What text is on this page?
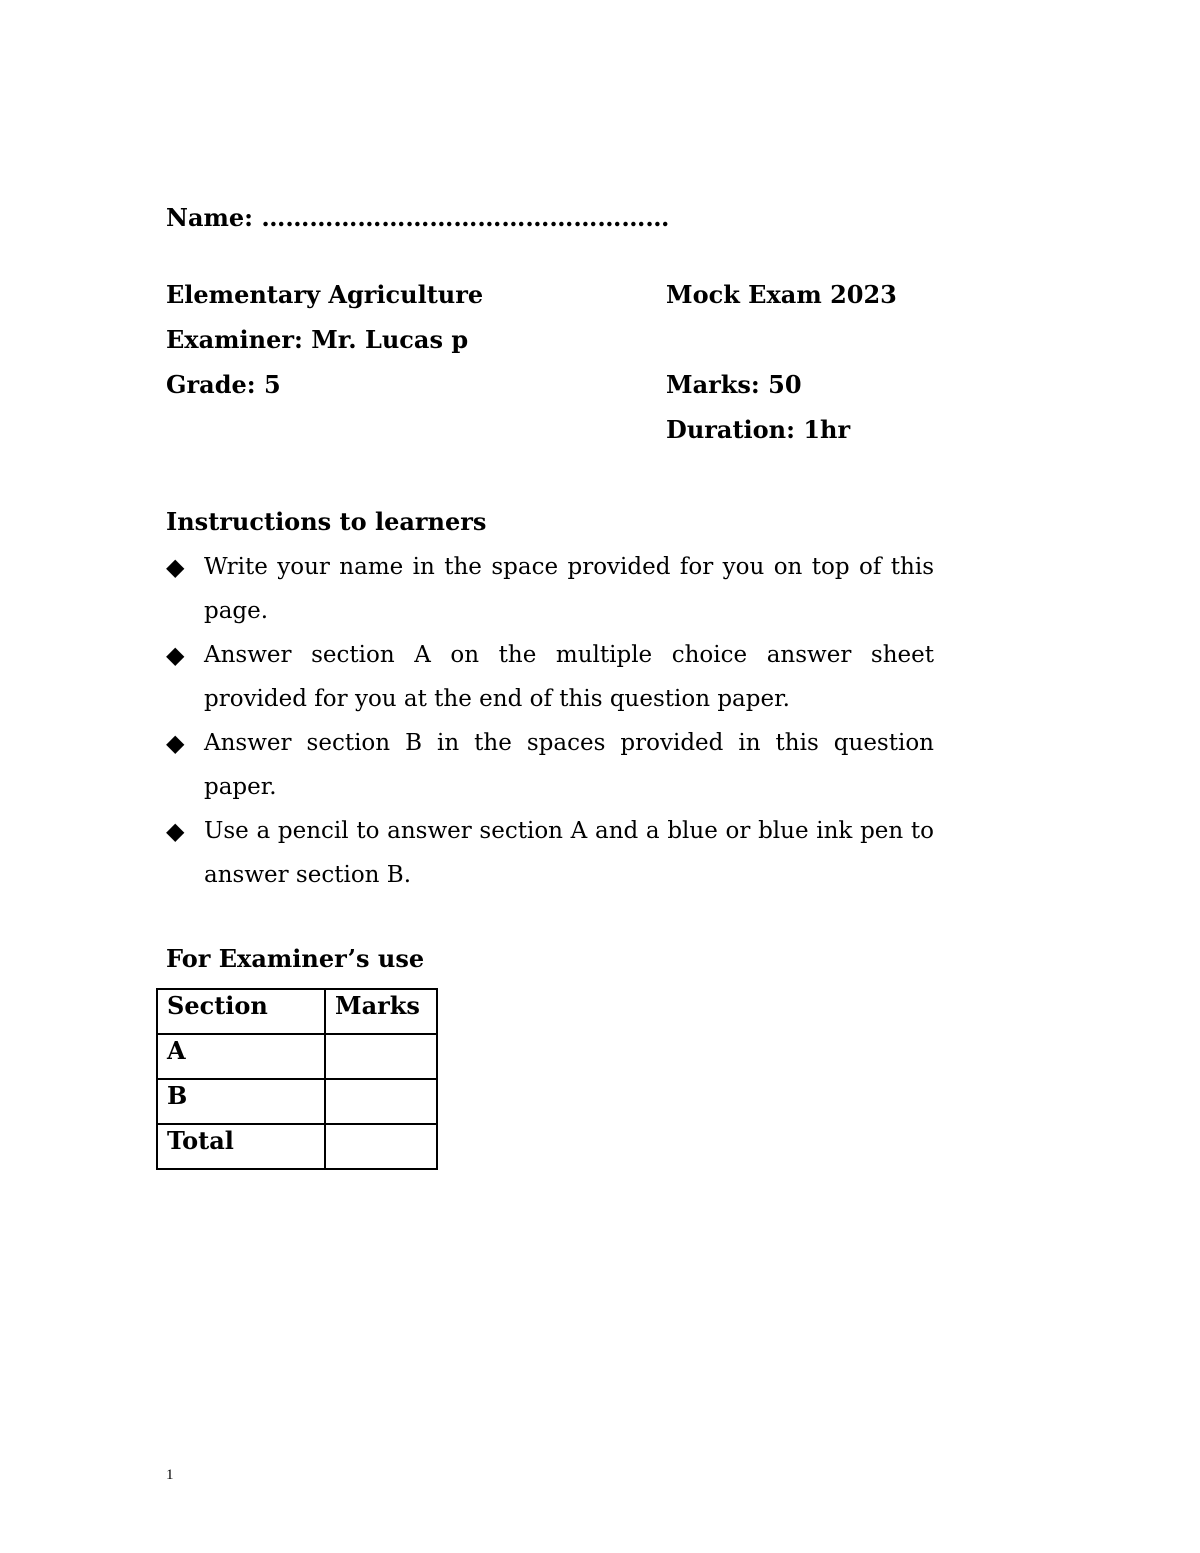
Name: ……………………………………………
Elementary Agriculture	Mock Exam 2023
Examiner: Mr. Lucas p
Grade: 5	Marks: 50
Duration: 1hr
Instructions to learners
◆ Write your name in the space provided for you on top of this page.
◆ Answer section A on the multiple choice answer sheet provided for you at the end of this question paper.
◆ Answer section B in the spaces provided in this question paper.
◆ Use a pencil to answer section A and a blue or blue ink pen to answer section B.
For Examiner’s use
Section	Marks
A	
B	
Total	
1
